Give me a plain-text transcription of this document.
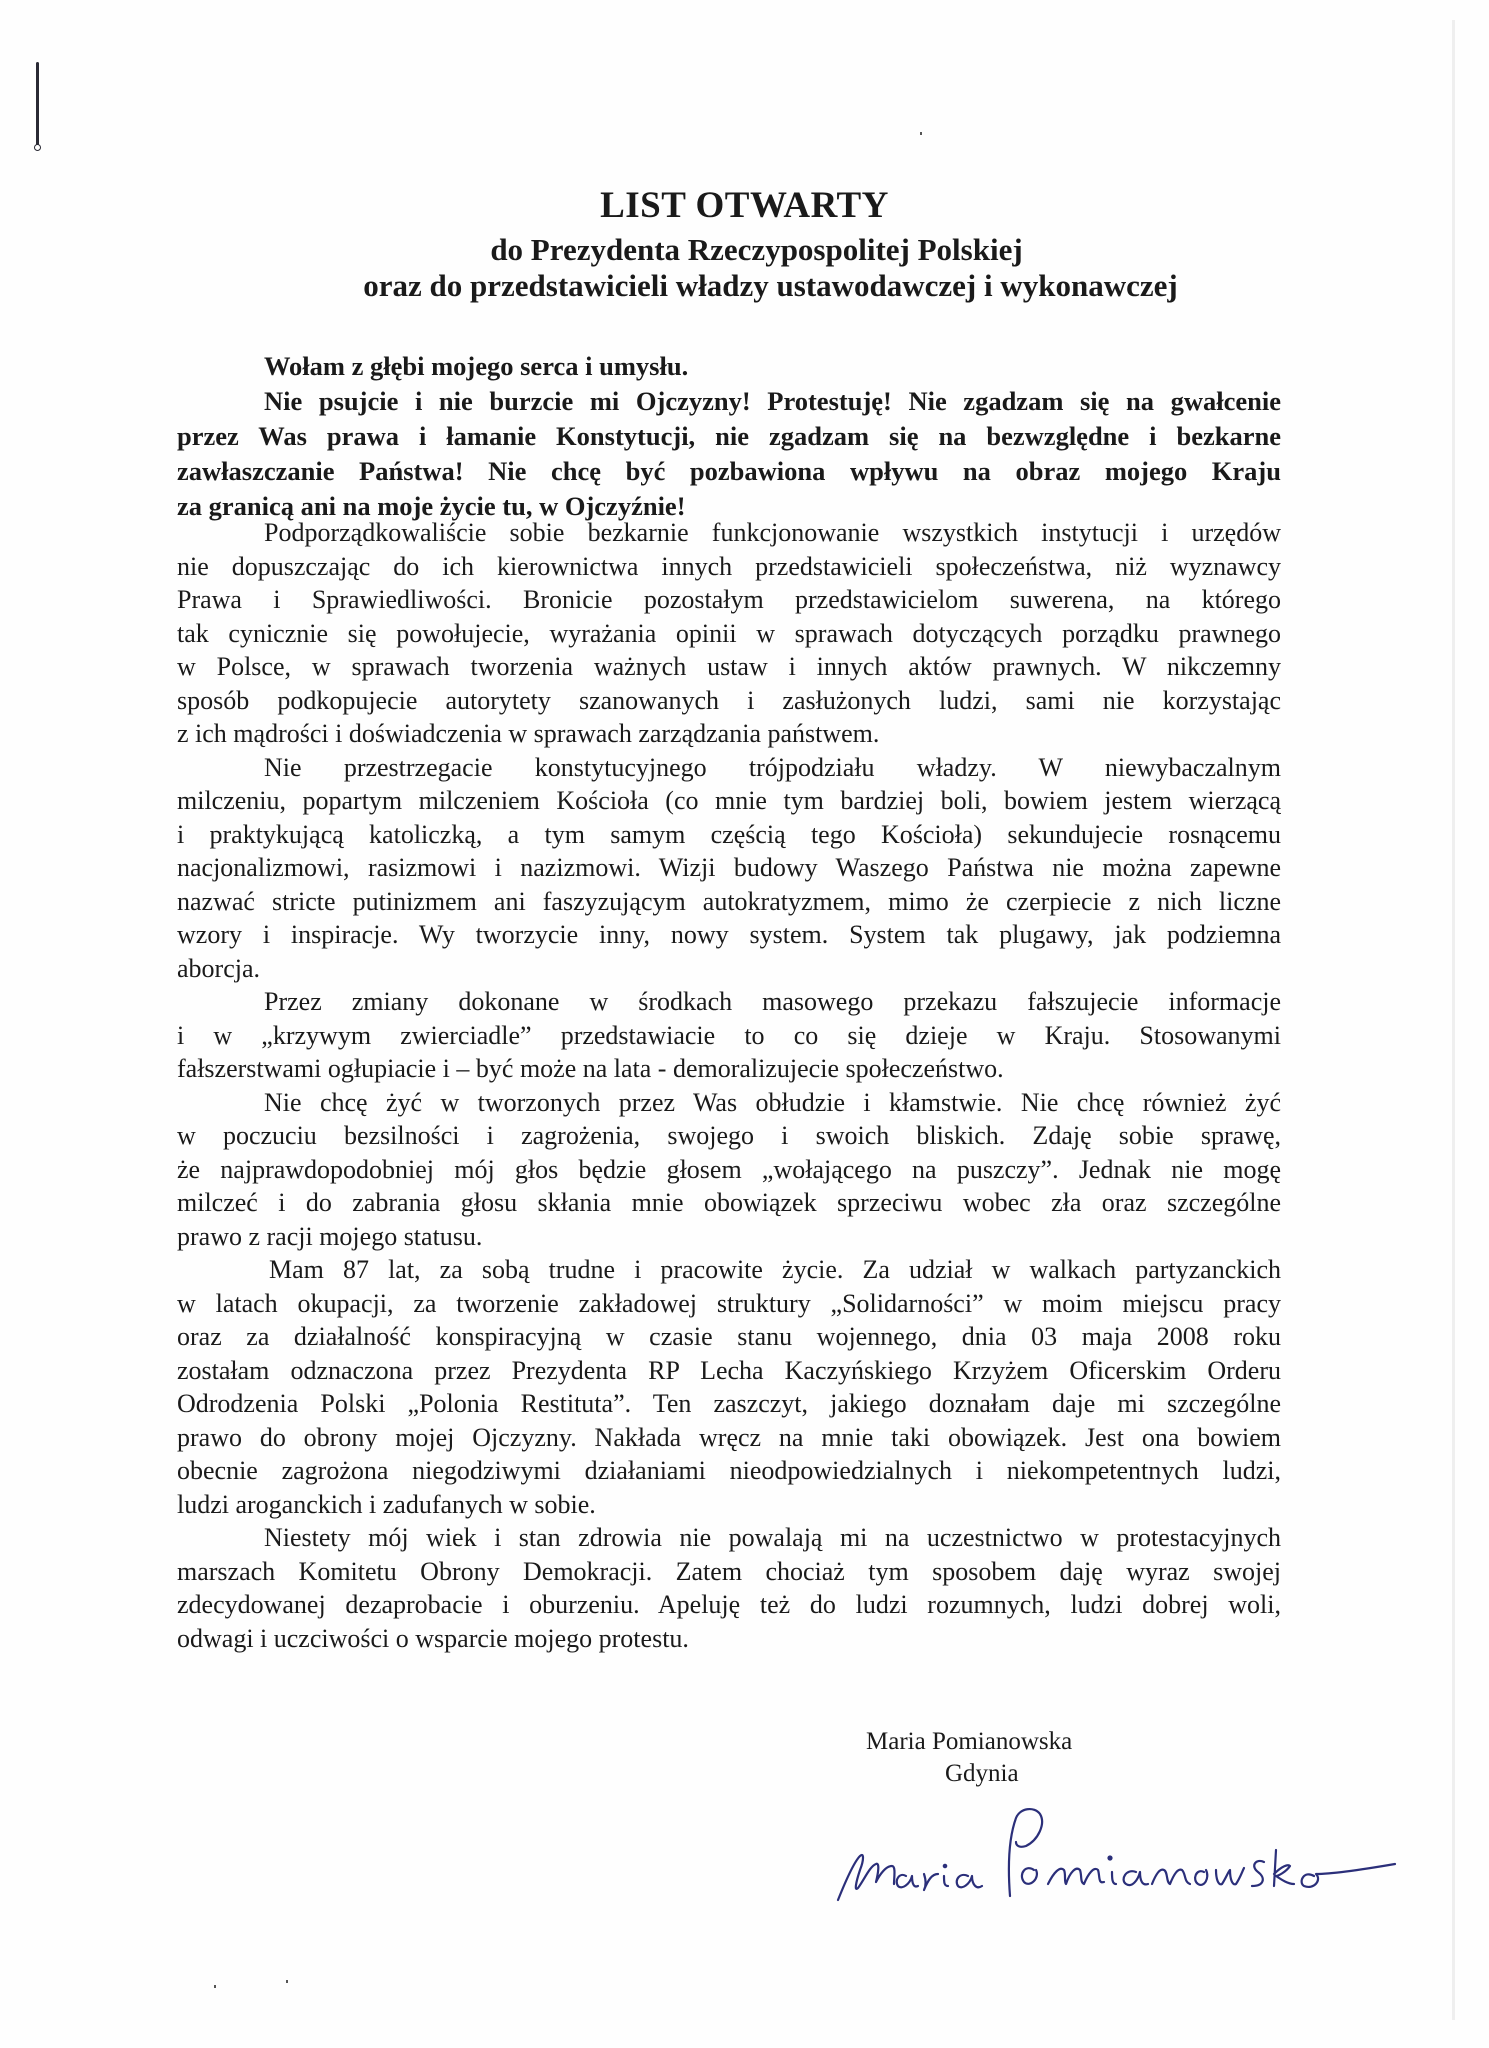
LIST OTWARTY
do Prezydenta Rzeczypospolitej Polskiej
oraz do przedstawicieli władzy ustawodawczej i wykonawczej
Wołam z głębi mojego serca i umysłu.
Nie psujcie i nie burzcie mi Ojczyzny! Protestuję! Nie zgadzam się na gwałcenie
przez Was prawa i łamanie Konstytucji, nie zgadzam się na bezwzględne i bezkarne
zawłaszczanie Państwa! Nie chcę być pozbawiona wpływu na obraz mojego Kraju
za granicą ani na moje życie tu, w Ojczyźnie!
Podporządkowaliście sobie bezkarnie funkcjonowanie wszystkich instytucji i urzędów
nie dopuszczając do ich kierownictwa innych przedstawicieli społeczeństwa, niż wyznawcy
Prawa i Sprawiedliwości. Bronicie pozostałym przedstawicielom suwerena, na którego
tak cynicznie się powołujecie, wyrażania opinii w sprawach dotyczących porządku prawnego
w Polsce, w sprawach tworzenia ważnych ustaw i innych aktów prawnych. W nikczemny
sposób podkopujecie autorytety szanowanych i zasłużonych ludzi, sami nie korzystając
z ich mądrości i doświadczenia w sprawach zarządzania państwem.
Nie przestrzegacie konstytucyjnego trójpodziału władzy. W niewybaczalnym
milczeniu, popartym milczeniem Kościoła (co mnie tym bardziej boli, bowiem jestem wierzącą
i praktykującą katoliczką, a tym samym częścią tego Kościoła) sekundujecie rosnącemu
nacjonalizmowi, rasizmowi i nazizmowi. Wizji budowy Waszego Państwa nie można zapewne
nazwać stricte putinizmem ani faszyzującym autokratyzmem, mimo że czerpiecie z nich liczne
wzory i inspiracje. Wy tworzycie inny, nowy system. System tak plugawy, jak podziemna
aborcja.
Przez zmiany dokonane w środkach masowego przekazu fałszujecie informacje
i w „krzywym zwierciadle” przedstawiacie to co się dzieje w Kraju. Stosowanymi
fałszerstwami ogłupiacie i – być może na lata - demoralizujecie społeczeństwo.
Nie chcę żyć w tworzonych przez Was obłudzie i kłamstwie. Nie chcę również żyć
w poczuciu bezsilności i zagrożenia, swojego i swoich bliskich. Zdaję sobie sprawę,
że najprawdopodobniej mój głos będzie głosem „wołającego na puszczy”. Jednak nie mogę
milczeć i do zabrania głosu skłania mnie obowiązek sprzeciwu wobec zła oraz szczególne
prawo z racji mojego statusu.
Mam 87 lat, za sobą trudne i pracowite życie. Za udział w walkach partyzanckich
w latach okupacji, za tworzenie zakładowej struktury „Solidarności” w moim miejscu pracy
oraz za działalność konspiracyjną w czasie stanu wojennego, dnia 03 maja 2008 roku
zostałam odznaczona przez Prezydenta RP Lecha Kaczyńskiego Krzyżem Oficerskim Orderu
Odrodzenia Polski „Polonia Restituta”. Ten zaszczyt, jakiego doznałam daje mi szczególne
prawo do obrony mojej Ojczyzny. Nakłada wręcz na mnie taki obowiązek. Jest ona bowiem
obecnie zagrożona niegodziwymi działaniami nieodpowiedzialnych i niekompetentnych ludzi,
ludzi aroganckich i zadufanych w sobie.
Niestety mój wiek i stan zdrowia nie powalają mi na uczestnictwo w protestacyjnych
marszach Komitetu Obrony Demokracji. Zatem chociaż tym sposobem daję wyraz swojej
zdecydowanej dezaprobacie i oburzeniu. Apeluję też do ludzi rozumnych, ludzi dobrej woli,
odwagi i uczciwości o wsparcie mojego protestu.
Maria Pomianowska
Gdynia
